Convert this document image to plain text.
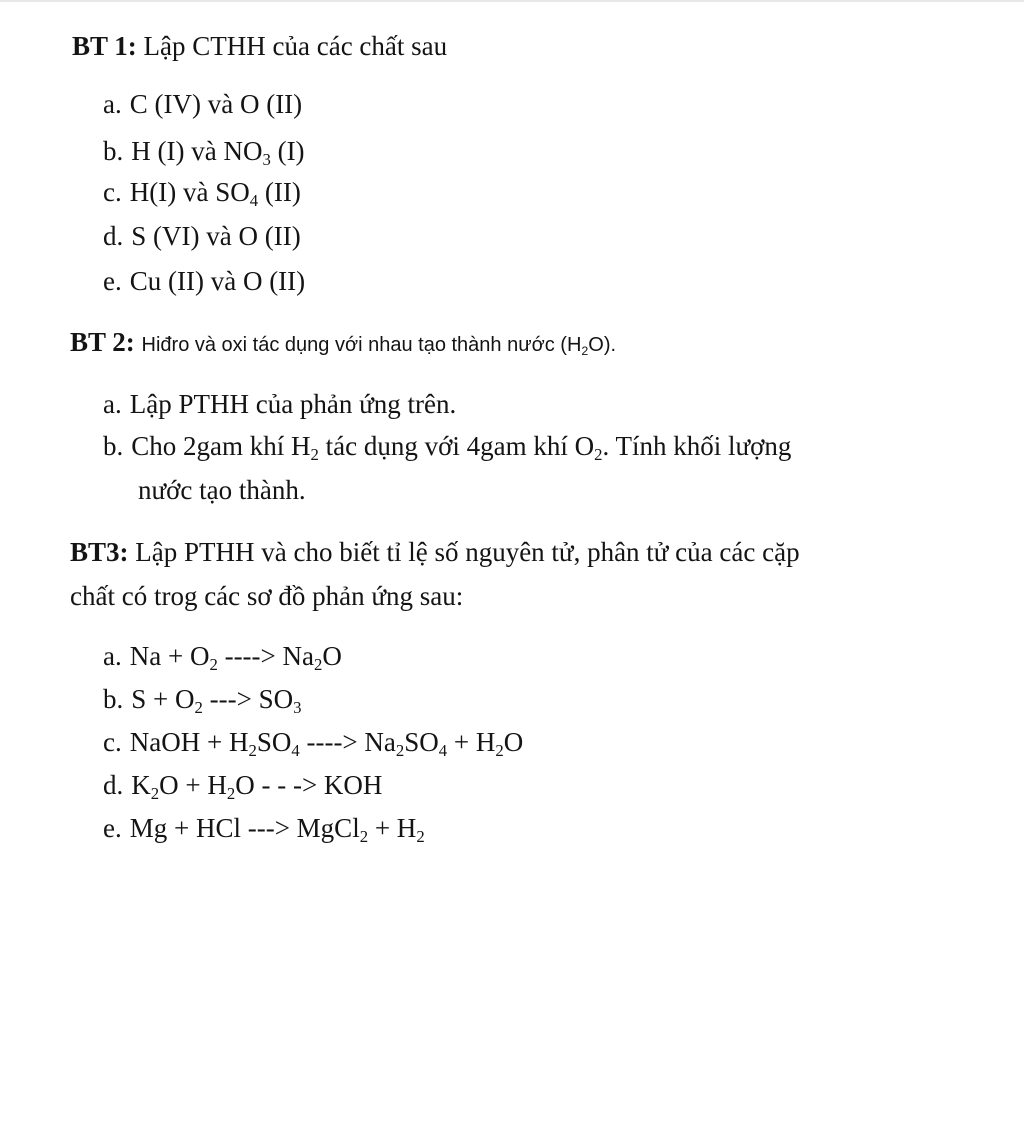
BT 1: Lập CTHH của các chất sau
a.C (IV) và O (II)
b.H (I) và NO3 (I)
c.H(I) và SO4 (II)
d.S (VI) và O (II)
e.Cu (II) và O (II)
BT 2: Hiđro và oxi tác dụng với nhau tạo thành nước (H2O).
a.Lập PTHH của phản ứng trên.
b.Cho 2gam khí H2 tác dụng với 4gam khí O2. Tính khối lượng
nước tạo thành.
BT3: Lập PTHH và cho biết tỉ lệ số nguyên tử, phân tử của các cặp
chất có trog các sơ đồ phản ứng sau:
a.Na + O2 ----> Na2O
b.S + O2 ---> SO3
c.NaOH + H2SO4 ----> Na2SO4 + H2O
d.K2O + H2O - - -> KOH
e.Mg + HCl ---> MgCl2 + H2
